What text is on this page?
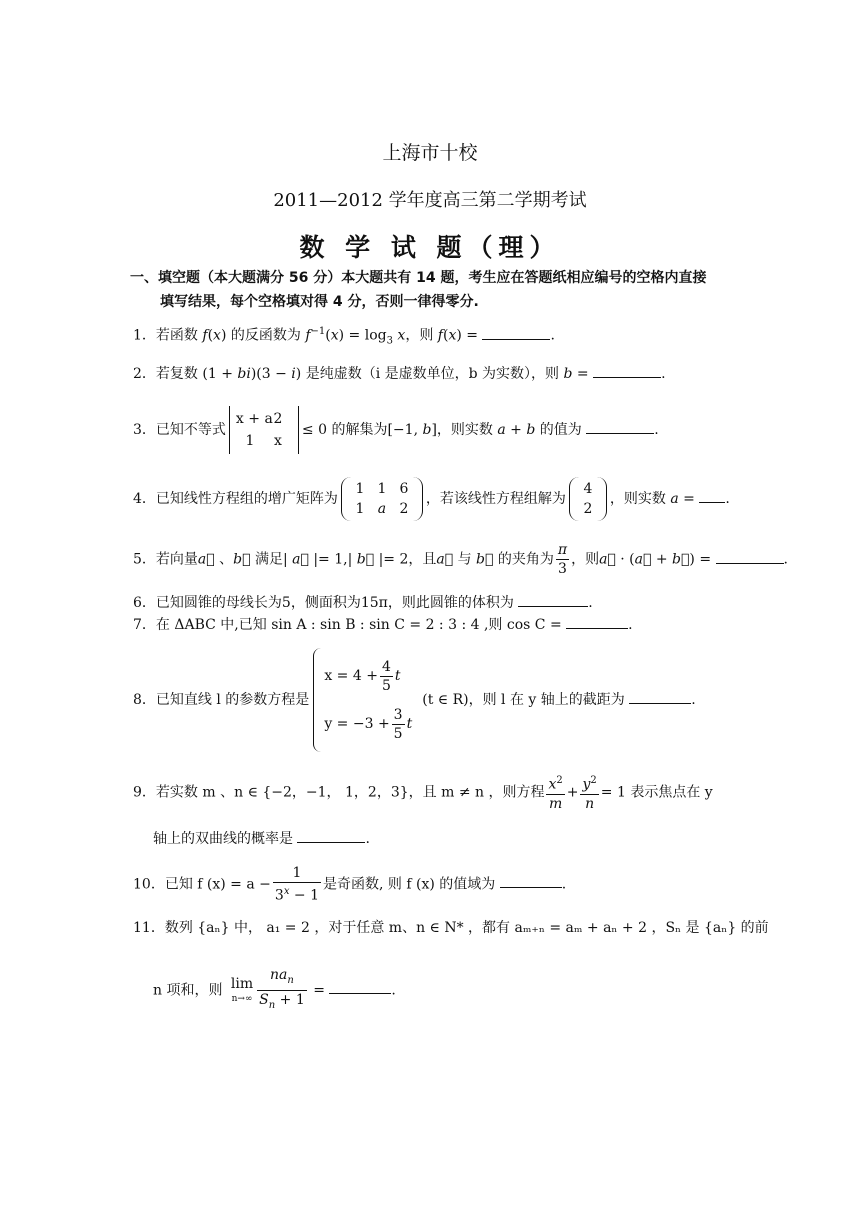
上海市十校
2011—2012 学年度高三第二学期考试
数 学 试 题（理）
一、填空题（本大题满分 56 分）本大题共有 14 题，考生应在答题纸相应编号的空格内直接
填写结果，每个空格填对得 4 分，否则一律得零分.
1．若函数 f(x) 的反函数为 $f^{-1}(x) = \log_3 x$，则 f(x) =	.
2．若复数 (1 + bi)(3 − i) 是纯虚数（i 是虚数单位，b 为实数），则 b =	.
3．已知不等式
x + a2
1 x
≤ 0 的解集为[−1, b]，则实数 a + b 的值为	.
4．已知线性方程组的增广矩阵为
1 1 6
1 a 2
，若该线性方程组解为
4
2
，则实数 a = .
5．若向量a⃗ 、b⃗ 满足| a⃗ |= 1,| b⃗ |= 2，且a⃗ 与 b⃗ 的夹角为 $\frac{\pi}{3}$ ，则a⃗ · (a⃗ + b⃗) =	.
6．已知圆锥的母线长为5，侧面积为15π，则此圆锥的体积为	.
7．在 ΔABC 中,已知 sin A : sin B : sin C = 2 : 3 : 4 ,则 cos C =	.
8．已知直线 l 的参数方程是
$x = 4 + \frac{4}{5}$ t
$y = -3 + \frac{3}{5}$ t
(t ∈ R)，则 l 在 y 轴上的截距为	.
9．若实数 m 、n ∈ {−2，−1， 1，2，3}，且 m ≠ n ，则方程 $\frac{x^2}{m} + \frac{y^2}{n} = 1$ 表示焦点在 y
轴上的双曲线的概率是	.
10．已知 f $(x) = a - \frac{1}{3^x - 1}$ 是奇函数, 则 f (x) 的值域为	.
11．数列 {aₙ} 中， a₁ = 2 ，对于任意 m、n ∈ N* ，都有 aₘ₊ₙ = aₘ + aₙ + 2 ，Sₙ 是 {aₙ} 的前
n 项和，则 lim
$n\to\infty \frac{na_n}{S_n + 1}$ =	.
